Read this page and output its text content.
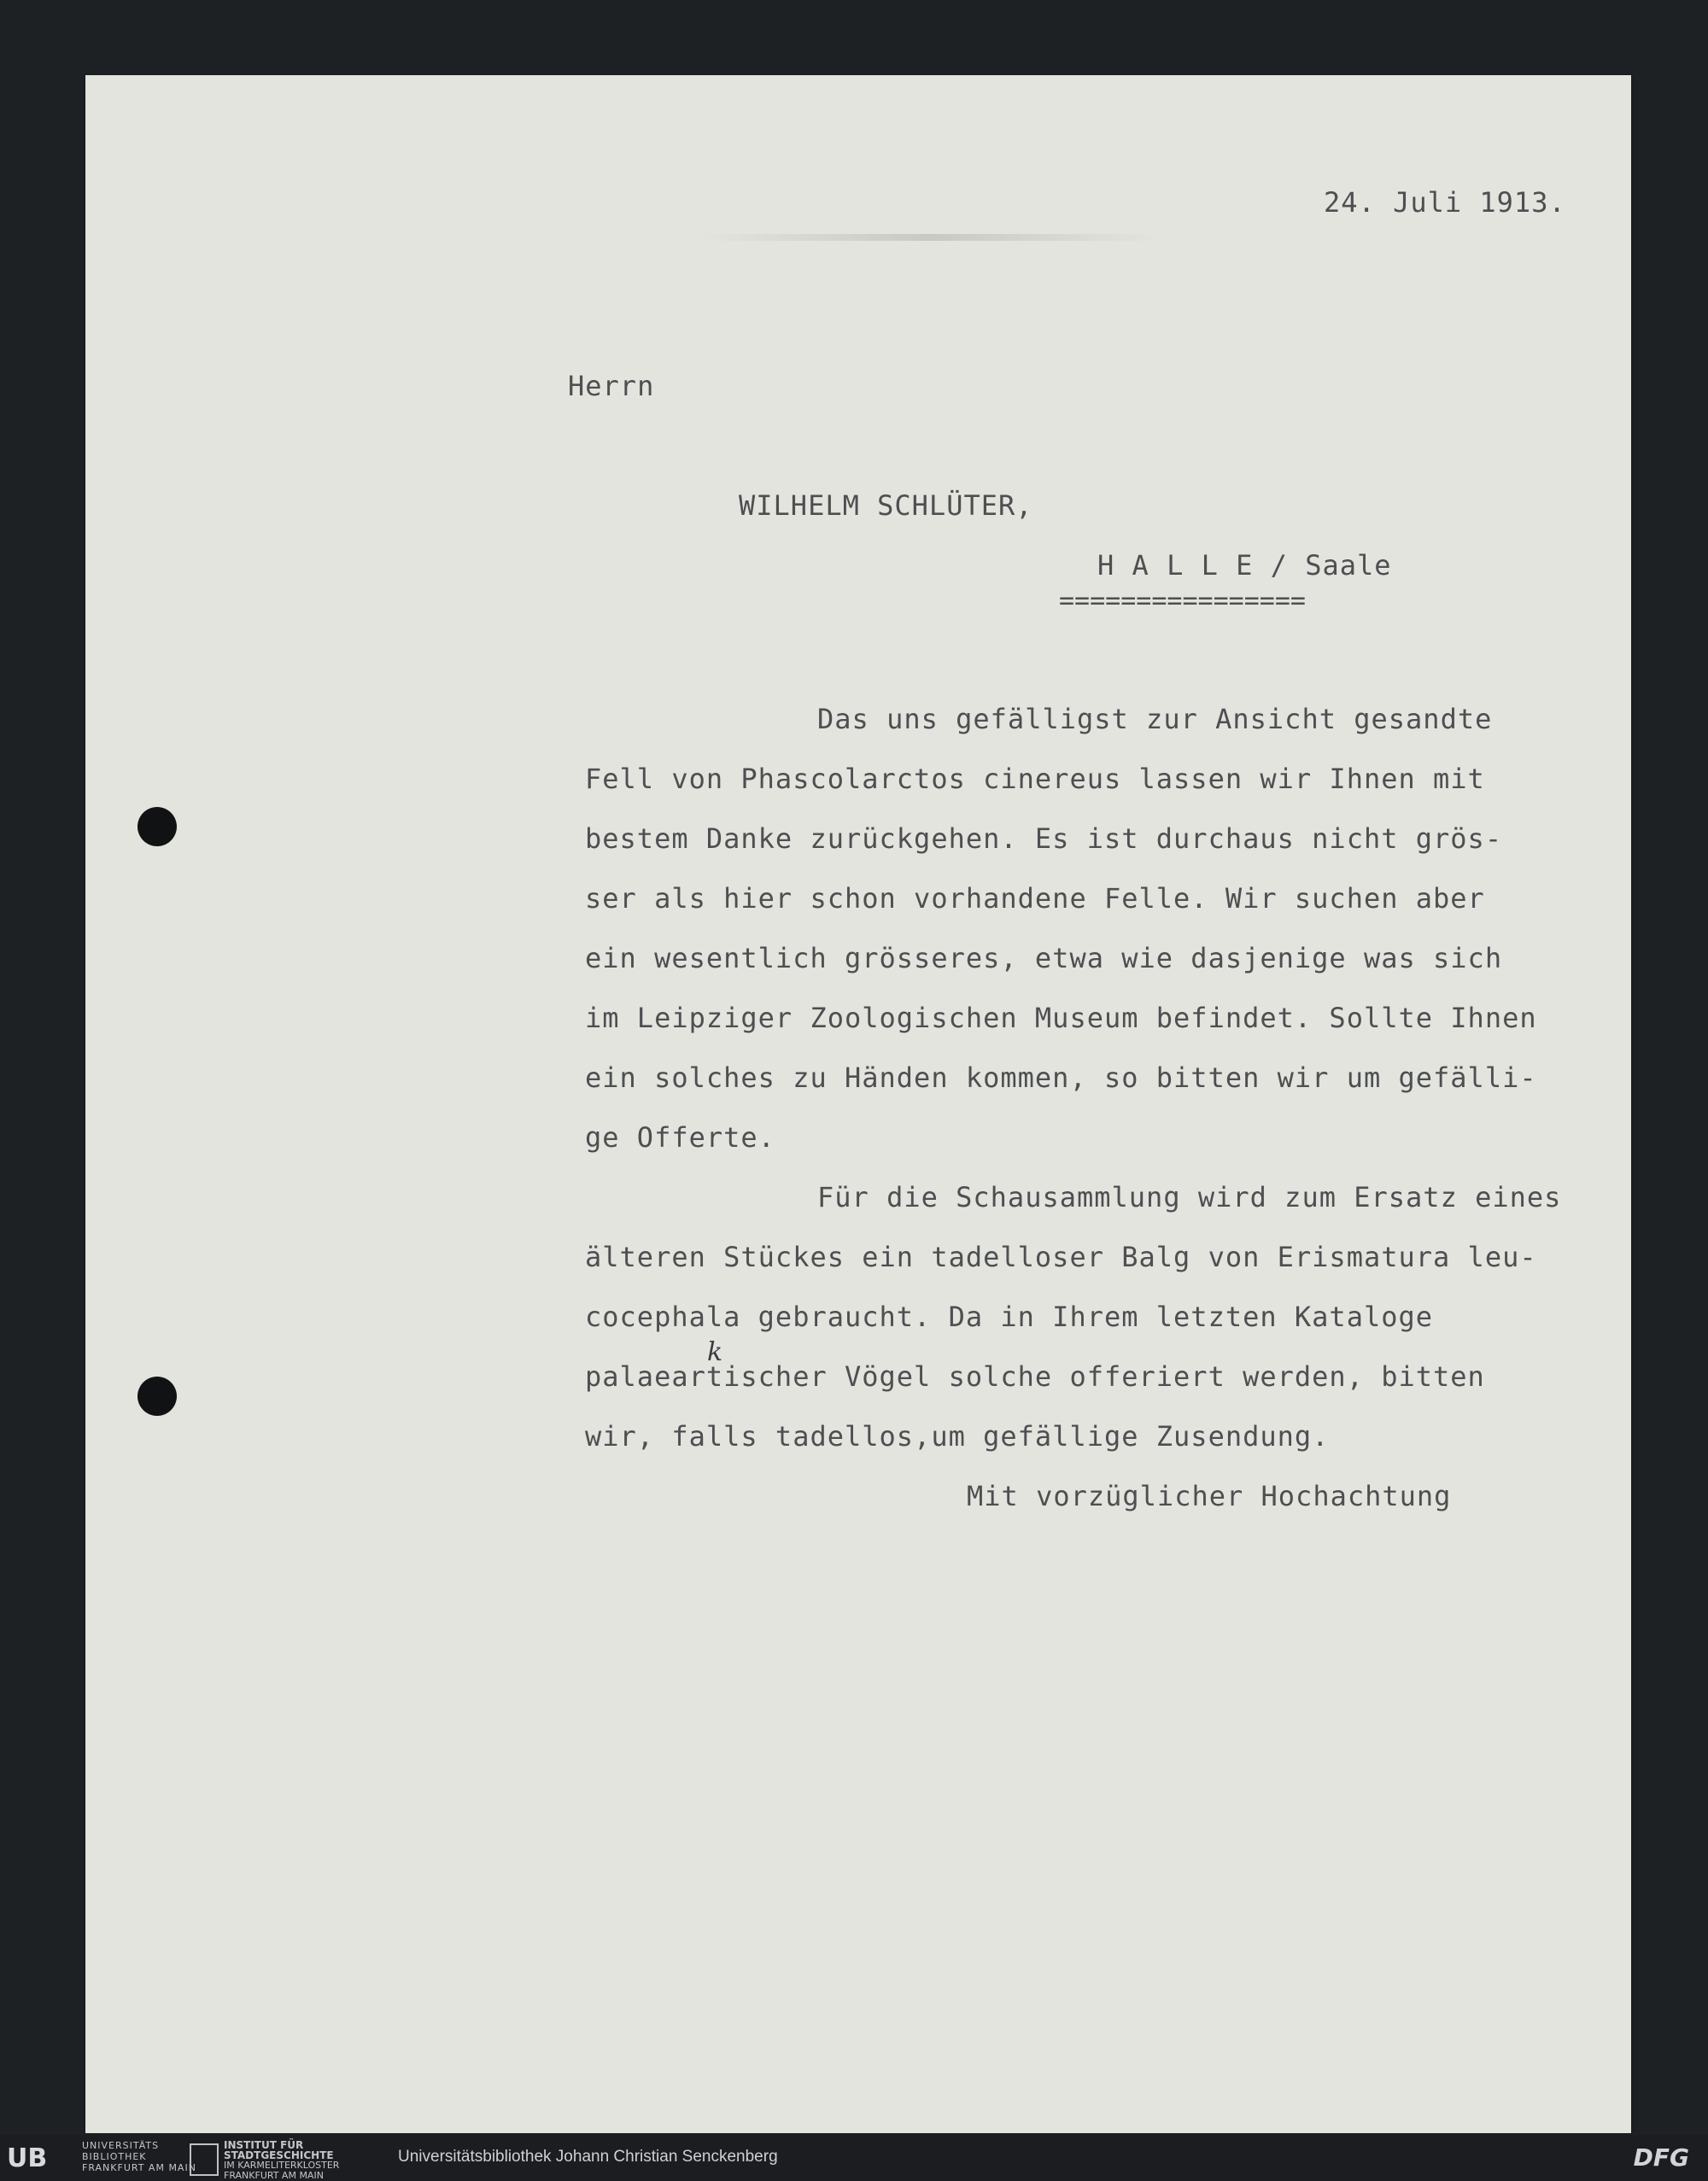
24. Juli 1913.
Herrn
WILHELM SCHLÜTER,
H A L L E / Saale
================
Das uns gefälligst zur Ansicht gesandte
Fell von Phascolarctos cinereus lassen wir Ihnen mit
bestem Danke zurückgehen. Es ist durchaus nicht grös-
ser als hier schon vorhandene Felle. Wir suchen aber
ein wesentlich grösseres, etwa wie dasjenige was sich
im Leipziger Zoologischen Museum befindet. Sollte Ihnen
ein solches zu Händen kommen, so bitten wir um gefälli-
ge Offerte.
Für die Schausammlung wird zum Ersatz eines
älteren Stückes ein tadelloser Balg von Erismatura leu-
cocephala gebraucht. Da in Ihrem letzten Kataloge
k
palaeartischer Vögel solche offeriert werden, bitten
wir, falls tadellos,um gefällige Zusendung.
Mit vorzüglicher Hochachtung
UB	UNIVERSITÄTS
BIBLIOTHEK
FRANKFURT AM MAIN
INSTITUT FÜR
STADTGESCHICHTE
IM KARMELITERKLOSTER
FRANKFURT AM MAIN
Universitätsbibliothek Johann Christian Senckenberg	DFG
